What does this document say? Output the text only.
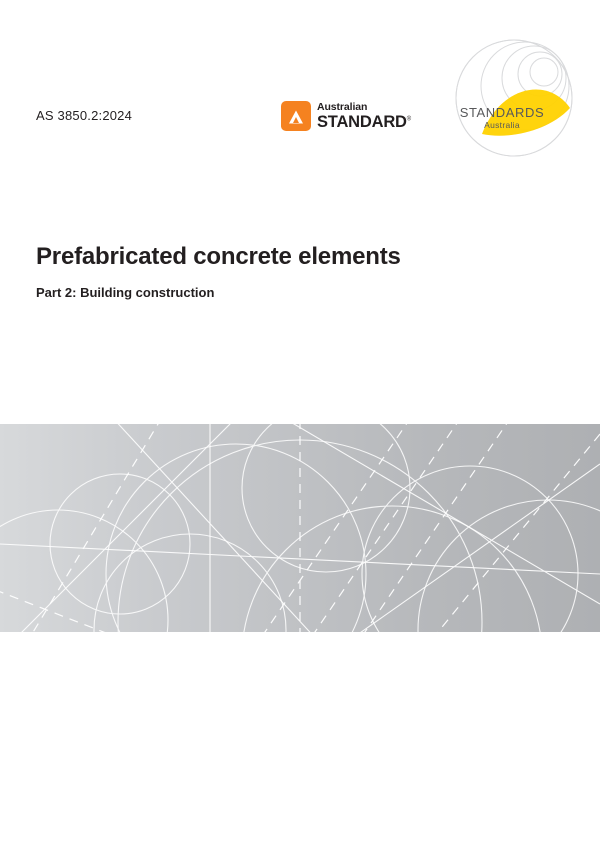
AS 3850.2:2024
Australian
STANDARD®	STANDARDS
Australia
Prefabricated concrete elements
Part 2: Building construction
